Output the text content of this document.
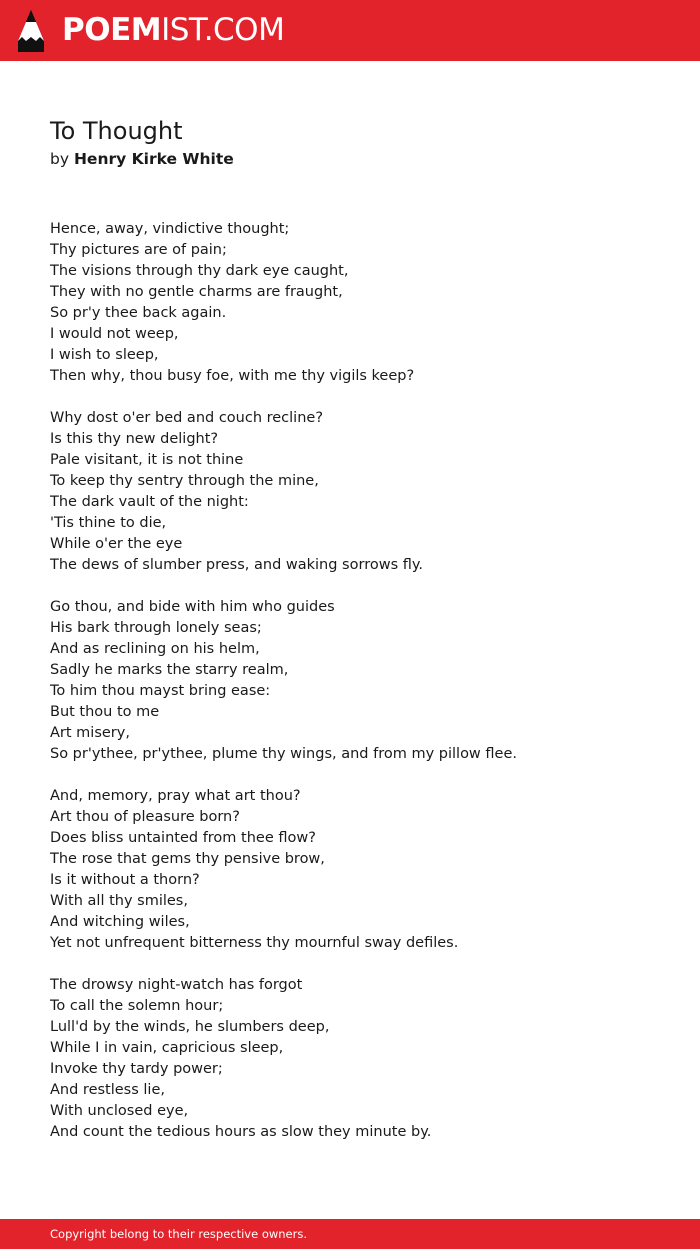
POEMIST.COM
To Thought
by Henry Kirke White
Hence, away, vindictive thought;
Thy pictures are of pain;
The visions through thy dark eye caught,
They with no gentle charms are fraught,
So pr'y thee back again.
I would not weep,
I wish to sleep,
Then why, thou busy foe, with me thy vigils keep?
Why dost o'er bed and couch recline?
Is this thy new delight?
Pale visitant, it is not thine
To keep thy sentry through the mine,
The dark vault of the night:
'Tis thine to die,
While o'er the eye
The dews of slumber press, and waking sorrows fly.
Go thou, and bide with him who guides
His bark through lonely seas;
And as reclining on his helm,
Sadly he marks the starry realm,
To him thou mayst bring ease:
But thou to me
Art misery,
So pr'ythee, pr'ythee, plume thy wings, and from my pillow flee.
And, memory, pray what art thou?
Art thou of pleasure born?
Does bliss untainted from thee flow?
The rose that gems thy pensive brow,
Is it without a thorn?
With all thy smiles,
And witching wiles,
Yet not unfrequent bitterness thy mournful sway defiles.
The drowsy night-watch has forgot
To call the solemn hour;
Lull'd by the winds, he slumbers deep,
While I in vain, capricious sleep,
Invoke thy tardy power;
And restless lie,
With unclosed eye,
And count the tedious hours as slow they minute by.
Copyright belong to their respective owners.
